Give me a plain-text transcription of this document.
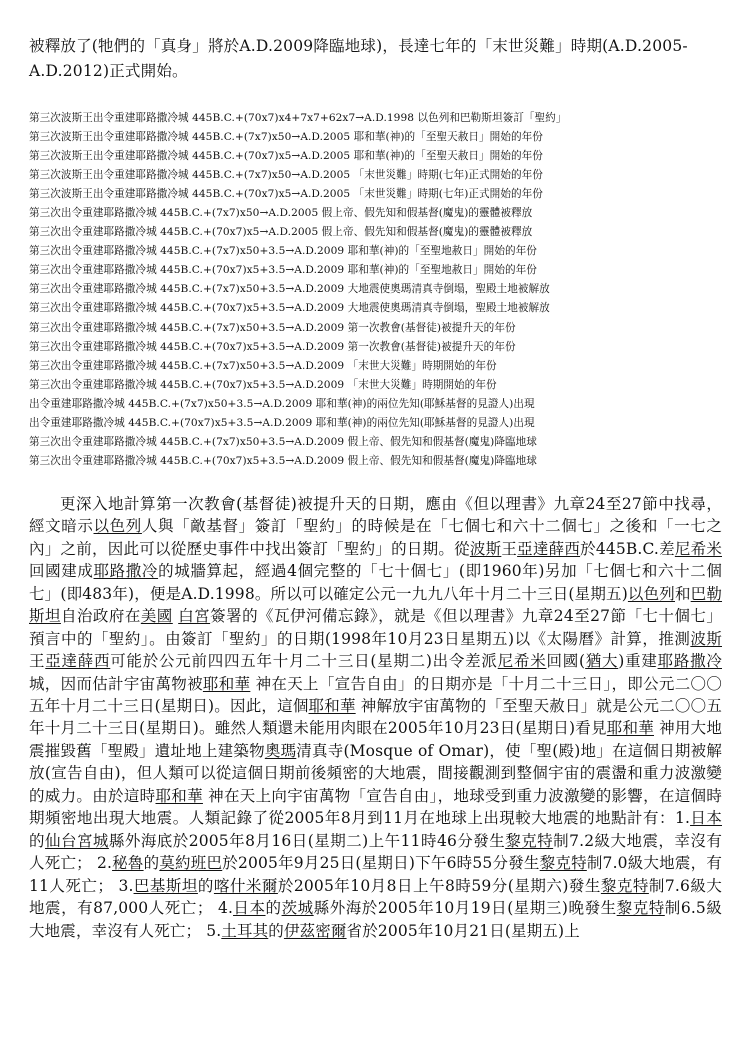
被釋放了(牠們的「真身」將於A.D.2009降臨地球)，長達七年的「末世災難」時期(A.D.2005-A.D.2012)正式開始。

第三次波斯王出令重建耶路撒冷城 445B.C.+(70x7)x4+7x7+62x7→A.D.1998 以色列和巴勒斯坦簽訂「聖約」
第三次波斯王出令重建耶路撒冷城 445B.C.+(7x7)x50→A.D.2005 耶和華(神)的「至聖天赦日」開始的年份
第三次波斯王出令重建耶路撒冷城 445B.C.+(70x7)x5→A.D.2005 耶和華(神)的「至聖天赦日」開始的年份
第三次波斯王出令重建耶路撒冷城 445B.C.+(7x7)x50→A.D.2005 「末世災難」時期(七年)正式開始的年份
第三次波斯王出令重建耶路撒冷城 445B.C.+(70x7)x5→A.D.2005 「末世災難」時期(七年)正式開始的年份
第三次出令重建耶路撒冷城 445B.C.+(7x7)x50→A.D.2005 假上帝、假先知和假基督(魔鬼)的靈體被釋放
第三次出令重建耶路撒冷城 445B.C.+(70x7)x5→A.D.2005 假上帝、假先知和假基督(魔鬼)的靈體被釋放
第三次出令重建耶路撒冷城 445B.C.+(7x7)x50+3.5→A.D.2009 耶和華(神)的「至聖地赦日」開始的年份
第三次出令重建耶路撒冷城 445B.C.+(70x7)x5+3.5→A.D.2009 耶和華(神)的「至聖地赦日」開始的年份
第三次出令重建耶路撒冷城 445B.C.+(7x7)x50+3.5→A.D.2009 大地震使奧瑪清真寺倒塌，聖殿土地被解放
第三次出令重建耶路撒冷城 445B.C.+(70x7)x5+3.5→A.D.2009 大地震使奧瑪清真寺倒塌，聖殿土地被解放
第三次出令重建耶路撒冷城 445B.C.+(7x7)x50+3.5→A.D.2009 第一次教會(基督徒)被提升天的年份
第三次出令重建耶路撒冷城 445B.C.+(70x7)x5+3.5→A.D.2009 第一次教會(基督徒)被提升天的年份
第三次出令重建耶路撒冷城 445B.C.+(7x7)x50+3.5→A.D.2009 「末世大災難」時期開始的年份
第三次出令重建耶路撒冷城 445B.C.+(70x7)x5+3.5→A.D.2009 「末世大災難」時期開始的年份
出令重建耶路撒冷城 445B.C.+(7x7)x50+3.5→A.D.2009 耶和華(神)的兩位先知(耶穌基督的見證人)出現
出令重建耶路撒冷城 445B.C.+(70x7)x5+3.5→A.D.2009 耶和華(神)的兩位先知(耶穌基督的見證人)出現
第三次出令重建耶路撒冷城 445B.C.+(7x7)x50+3.5→A.D.2009 假上帝、假先知和假基督(魔鬼)降臨地球
第三次出令重建耶路撒冷城 445B.C.+(70x7)x5+3.5→A.D.2009 假上帝、假先知和假基督(魔鬼)降臨地球

更深入地計算第一次教會(基督徒)被提升天的日期，應由《但以理書》九章24至27節中找尋，經文暗示以色列人與「敵基督」簽訂「聖約」的時候是在「七個七和六十二個七」之後和「一七之內」之前，因此可以從歷史事件中找出簽訂「聖約」的日期。從波斯王亞達薛西於445B.C.差尼希米回國建成耶路撒冷的城牆算起，經過4個完整的「七十個七」(即1960年)另加「七個七和六十二個七」(即483年)，便是A.D.1998。所以可以確定公元一九九八年十月二十三日(星期五)以色列和巴勒斯坦自治政府在美國 白宮簽署的《瓦伊河備忘錄》，就是《但以理書》九章24至27節「七十個七」預言中的「聖約」。由簽訂「聖約」的日期(1998年10月23日星期五)以《太陽曆》計算，推測波斯王亞達薛西可能於公元前四四五年十月二十三日(星期二)出令差派尼希米回國(猶大)重建耶路撒冷城，因而估計宇宙萬物被耶和華 神在天上「宣告自由」的日期亦是「十月二十三日」，即公元二〇〇五年十月二十三日(星期日)。因此，這個耶和華 神解放宇宙萬物的「至聖天赦日」就是公元二〇〇五年十月二十三日(星期日)。雖然人類還未能用肉眼在2005年10月23日(星期日)看見耶和華 神用大地震摧毀舊「聖殿」遺址地上建築物奧瑪清真寺(Mosque of Omar)，使「聖(殿)地」在這個日期被解放(宣告自由)，但人類可以從這個日期前後頻密的大地震，間接觀測到整個宇宙的震盪和重力波激變的威力。由於這時耶和華 神在天上向宇宙萬物「宣告自由」，地球受到重力波激變的影響，在這個時期頻密地出現大地震。人類記錄了從2005年8月到11月在地球上出現較大地震的地點計有：1.日本的仙台宮城縣外海底於2005年8月16日(星期二)上午11時46分發生黎克特制7.2級大地震，幸沒有人死亡； 2.秘魯的莫約班巴於2005年9月25日(星期日)下午6時55分發生黎克特制7.0級大地震，有11人死亡； 3.巴基斯坦的喀什米爾於2005年10月8日上午8時59分(星期六)發生黎克特制7.6級大地震，有87,000人死亡； 4.日本的茨城縣外海於2005年10月19日(星期三)晚發生黎克特制6.5級大地震，幸沒有人死亡； 5.土耳其的伊茲密爾省於2005年10月21日(星期五)上
